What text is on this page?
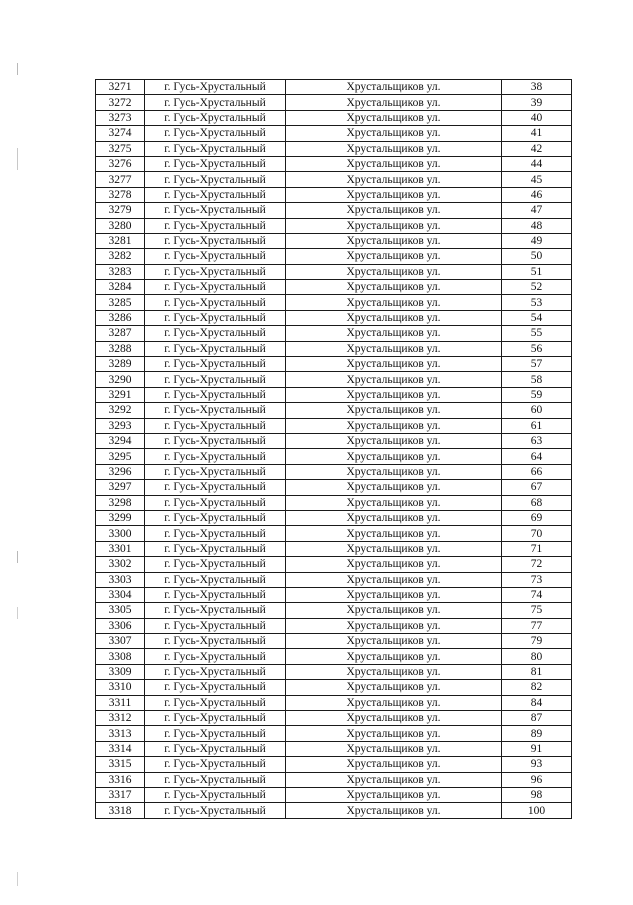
3271	г. Гусь-Хрустальный	Хрустальщиков ул.	38
3272	г. Гусь-Хрустальный	Хрустальщиков ул.	39
3273	г. Гусь-Хрустальный	Хрустальщиков ул.	40
3274	г. Гусь-Хрустальный	Хрустальщиков ул.	41
3275	г. Гусь-Хрустальный	Хрустальщиков ул.	42
3276	г. Гусь-Хрустальный	Хрустальщиков ул.	44
3277	г. Гусь-Хрустальный	Хрустальщиков ул.	45
3278	г. Гусь-Хрустальный	Хрустальщиков ул.	46
3279	г. Гусь-Хрустальный	Хрустальщиков ул.	47
3280	г. Гусь-Хрустальный	Хрустальщиков ул.	48
3281	г. Гусь-Хрустальный	Хрустальщиков ул.	49
3282	г. Гусь-Хрустальный	Хрустальщиков ул.	50
3283	г. Гусь-Хрустальный	Хрустальщиков ул.	51
3284	г. Гусь-Хрустальный	Хрустальщиков ул.	52
3285	г. Гусь-Хрустальный	Хрустальщиков ул.	53
3286	г. Гусь-Хрустальный	Хрустальщиков ул.	54
3287	г. Гусь-Хрустальный	Хрустальщиков ул.	55
3288	г. Гусь-Хрустальный	Хрустальщиков ул.	56
3289	г. Гусь-Хрустальный	Хрустальщиков ул.	57
3290	г. Гусь-Хрустальный	Хрустальщиков ул.	58
3291	г. Гусь-Хрустальный	Хрустальщиков ул.	59
3292	г. Гусь-Хрустальный	Хрустальщиков ул.	60
3293	г. Гусь-Хрустальный	Хрустальщиков ул.	61
3294	г. Гусь-Хрустальный	Хрустальщиков ул.	63
3295	г. Гусь-Хрустальный	Хрустальщиков ул.	64
3296	г. Гусь-Хрустальный	Хрустальщиков ул.	66
3297	г. Гусь-Хрустальный	Хрустальщиков ул.	67
3298	г. Гусь-Хрустальный	Хрустальщиков ул.	68
3299	г. Гусь-Хрустальный	Хрустальщиков ул.	69
3300	г. Гусь-Хрустальный	Хрустальщиков ул.	70
3301	г. Гусь-Хрустальный	Хрустальщиков ул.	71
3302	г. Гусь-Хрустальный	Хрустальщиков ул.	72
3303	г. Гусь-Хрустальный	Хрустальщиков ул.	73
3304	г. Гусь-Хрустальный	Хрустальщиков ул.	74
3305	г. Гусь-Хрустальный	Хрустальщиков ул.	75
3306	г. Гусь-Хрустальный	Хрустальщиков ул.	77
3307	г. Гусь-Хрустальный	Хрустальщиков ул.	79
3308	г. Гусь-Хрустальный	Хрустальщиков ул.	80
3309	г. Гусь-Хрустальный	Хрустальщиков ул.	81
3310	г. Гусь-Хрустальный	Хрустальщиков ул.	82
3311	г. Гусь-Хрустальный	Хрустальщиков ул.	84
3312	г. Гусь-Хрустальный	Хрустальщиков ул.	87
3313	г. Гусь-Хрустальный	Хрустальщиков ул.	89
3314	г. Гусь-Хрустальный	Хрустальщиков ул.	91
3315	г. Гусь-Хрустальный	Хрустальщиков ул.	93
3316	г. Гусь-Хрустальный	Хрустальщиков ул.	96
3317	г. Гусь-Хрустальный	Хрустальщиков ул.	98
3318	г. Гусь-Хрустальный	Хрустальщиков ул.	100
